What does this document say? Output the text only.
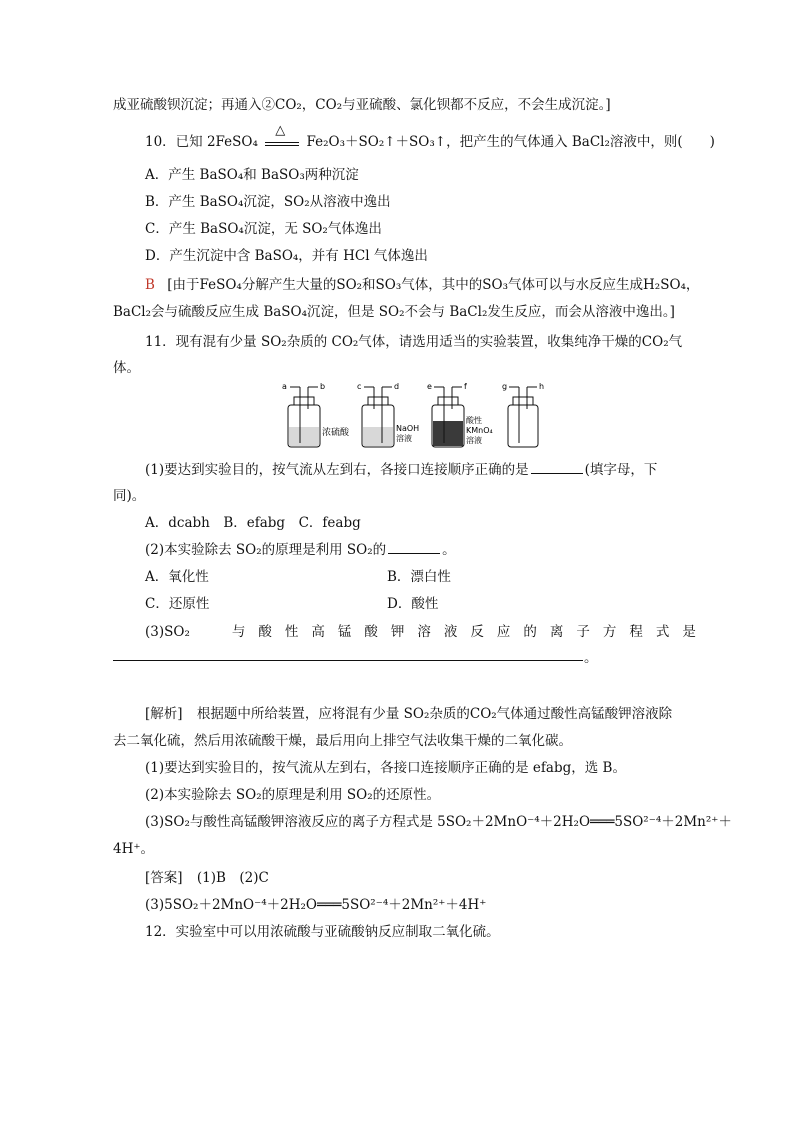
成亚硫酸钡沉淀；再通入②CO₂，CO₂与亚硫酸、氯化钡都不反应，不会生成沉淀。]
10．已知 2FeSO₄
△
Fe₂O₃＋SO₂↑＋SO₃↑，把产生的气体通入 BaCl₂溶液中，则(　　)
A．产生 BaSO₄和 BaSO₃两种沉淀
B．产生 BaSO₄沉淀，SO₂从溶液中逸出
C．产生 BaSO₄沉淀，无 SO₂气体逸出
D．产生沉淀中含 BaSO₄，并有 HCl 气体逸出
B [由于FeSO₄分解产生大量的SO₂和SO₃气体，其中的SO₃气体可以与水反应生成H₂SO₄，
BaCl₂会与硫酸反应生成 BaSO₄沉淀，但是 SO₂不会与 BaCl₂发生反应，而会从溶液中逸出。]
11．现有混有少量 SO₂杂质的 CO₂气体，请选用适当的实验装置，收集纯净干燥的CO₂气
体。
a	b
浓硫酸
c	d
NaOH
溶液
e	f
酸性
KMnO₄
溶液
g	h
(1)要达到实验目的，按气流从左到右，各接口连接顺序正确的是	(填字母，下
同)。
A．dcabh　B．efabg　C．feabg
(2)本实验除去 SO₂的原理是利用 SO₂的	。
A．氧化性	B．漂白性
C．还原性	D．酸性
(3)SO₂	与酸性高锰酸钾溶液反应的离子方程式是
。
[解析] 根据题中所给装置，应将混有少量 SO₂杂质的CO₂气体通过酸性高锰酸钾溶液除
去二氧化硫，然后用浓硫酸干燥，最后用向上排空气法收集干燥的二氧化碳。
(1)要达到实验目的，按气流从左到右，各接口连接顺序正确的是 efabg，选 B。
(2)本实验除去 SO₂的原理是利用 SO₂的还原性。
(3)SO₂与酸性高锰酸钾溶液反应的离子方程式是 5SO₂＋2MnO⁻⁴＋2H₂O═══5SO²⁻⁴＋2Mn²⁺＋
4H⁺。
[答案] (1)B　(2)C
(3)5SO₂＋2MnO⁻⁴＋2H₂O═══5SO²⁻⁴＋2Mn²⁺＋4H⁺
12．实验室中可以用浓硫酸与亚硫酸钠反应制取二氧化硫。
